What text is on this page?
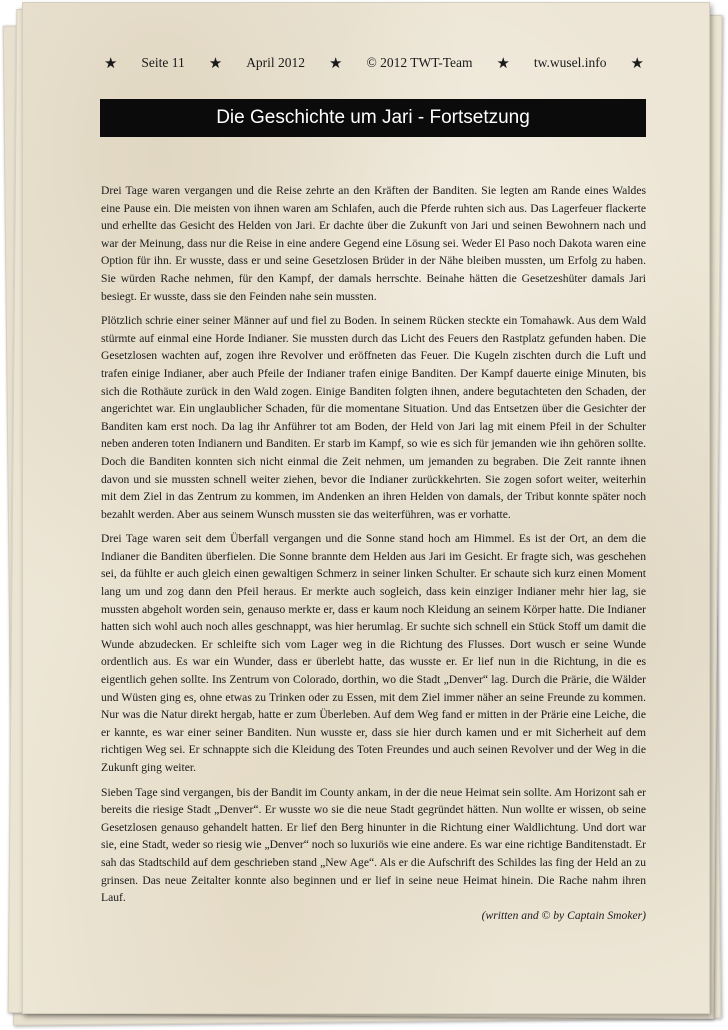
★ Seite 11 ★ April 2012 ★ © 2012 TWT-Team ★ tw.wusel.info ★
Die Geschichte um Jari - Fortsetzung

Drei Tage waren vergangen und die Reise zehrte an den Kräften der Banditen. Sie legten am Rande eines Waldes eine Pause ein. Die meisten von ihnen waren am Schlafen, auch die Pferde ruhten sich aus. Das Lagerfeuer flackerte und erhellte das Gesicht des Helden von Jari. Er dachte über die Zukunft von Jari und seinen Bewohnern nach und war der Meinung, dass nur die Reise in eine andere Gegend eine Lösung sei. Weder El Paso noch Dakota waren eine Option für ihn. Er wusste, dass er und seine Gesetzlosen Brüder in der Nähe bleiben mussten, um Erfolg zu haben. Sie würden Rache nehmen, für den Kampf, der damals herrschte. Beinahe hätten die Gesetzeshüter damals Jari besiegt. Er wusste, dass sie den Feinden nahe sein mussten.

Plötzlich schrie einer seiner Männer auf und fiel zu Boden. In seinem Rücken steckte ein Tomahawk. Aus dem Wald stürmte auf einmal eine Horde Indianer. Sie mussten durch das Licht des Feuers den Rastplatz gefunden haben. Die Gesetzlosen wachten auf, zogen ihre Revolver und eröffneten das Feuer. Die Kugeln zischten durch die Luft und trafen einige Indianer, aber auch Pfeile der Indianer trafen einige Banditen. Der Kampf dauerte einige Minuten, bis sich die Rothäute zurück in den Wald zogen. Einige Banditen folgten ihnen, andere begutachteten den Schaden, der angerichtet war. Ein unglaublicher Schaden, für die momentane Situation. Und das Entsetzen über die Gesichter der Banditen kam erst noch. Da lag ihr Anführer tot am Boden, der Held von Jari lag mit einem Pfeil in der Schulter neben anderen toten Indianern und Banditen. Er starb im Kampf, so wie es sich für jemanden wie ihn gehören sollte. Doch die Banditen konnten sich nicht einmal die Zeit nehmen, um jemanden zu begraben. Die Zeit rannte ihnen davon und sie mussten schnell weiter ziehen, bevor die Indianer zurückkehrten. Sie zogen sofort weiter, weiterhin mit dem Ziel in das Zentrum zu kommen, im Andenken an ihren Helden von damals, der Tribut konnte später noch bezahlt werden. Aber aus seinem Wunsch mussten sie das weiterführen, was er vorhatte.

Drei Tage waren seit dem Überfall vergangen und die Sonne stand hoch am Himmel. Es ist der Ort, an dem die Indianer die Banditen überfielen. Die Sonne brannte dem Helden aus Jari im Gesicht. Er fragte sich, was geschehen sei, da fühlte er auch gleich einen gewaltigen Schmerz in seiner linken Schulter. Er schaute sich kurz einen Moment lang um und zog dann den Pfeil heraus. Er merkte auch sogleich, dass kein einziger Indianer mehr hier lag, sie mussten abgeholt worden sein, genauso merkte er, dass er kaum noch Kleidung an seinem Körper hatte. Die Indianer hatten sich wohl auch noch alles geschnappt, was hier herumlag. Er suchte sich schnell ein Stück Stoff um damit die Wunde abzudecken. Er schleifte sich vom Lager weg in die Richtung des Flusses. Dort wusch er seine Wunde ordentlich aus. Es war ein Wunder, dass er überlebt hatte, das wusste er. Er lief nun in die Richtung, in die es eigentlich gehen sollte. Ins Zentrum von Colorado, dorthin, wo die Stadt „Denver“ lag. Durch die Prärie, die Wälder und Wüsten ging es, ohne etwas zu Trinken oder zu Essen, mit dem Ziel immer näher an seine Freunde zu kommen. Nur was die Natur direkt hergab, hatte er zum Überleben. Auf dem Weg fand er mitten in der Prärie eine Leiche, die er kannte, es war einer seiner Banditen. Nun wusste er, dass sie hier durch kamen und er mit Sicherheit auf dem richtigen Weg sei. Er schnappte sich die Kleidung des Toten Freundes und auch seinen Revolver und der Weg in die Zukunft ging weiter.

Sieben Tage sind vergangen, bis der Bandit im County ankam, in der die neue Heimat sein sollte. Am Horizont sah er bereits die riesige Stadt „Denver“. Er wusste wo sie die neue Stadt gegründet hätten. Nun wollte er wissen, ob seine Gesetzlosen genauso gehandelt hatten. Er lief den Berg hinunter in die Richtung einer Waldlichtung. Und dort war sie, eine Stadt, weder so riesig wie „Denver“ noch so luxuriös wie eine andere. Es war eine richtige Banditenstadt. Er sah das Stadtschild auf dem geschrieben stand „New Age“. Als er die Aufschrift des Schildes las fing der Held an zu grinsen. Das neue Zeitalter konnte also beginnen und er lief in seine neue Heimat hinein. Die Rache nahm ihren Lauf.

(written and © by Captain Smoker)
